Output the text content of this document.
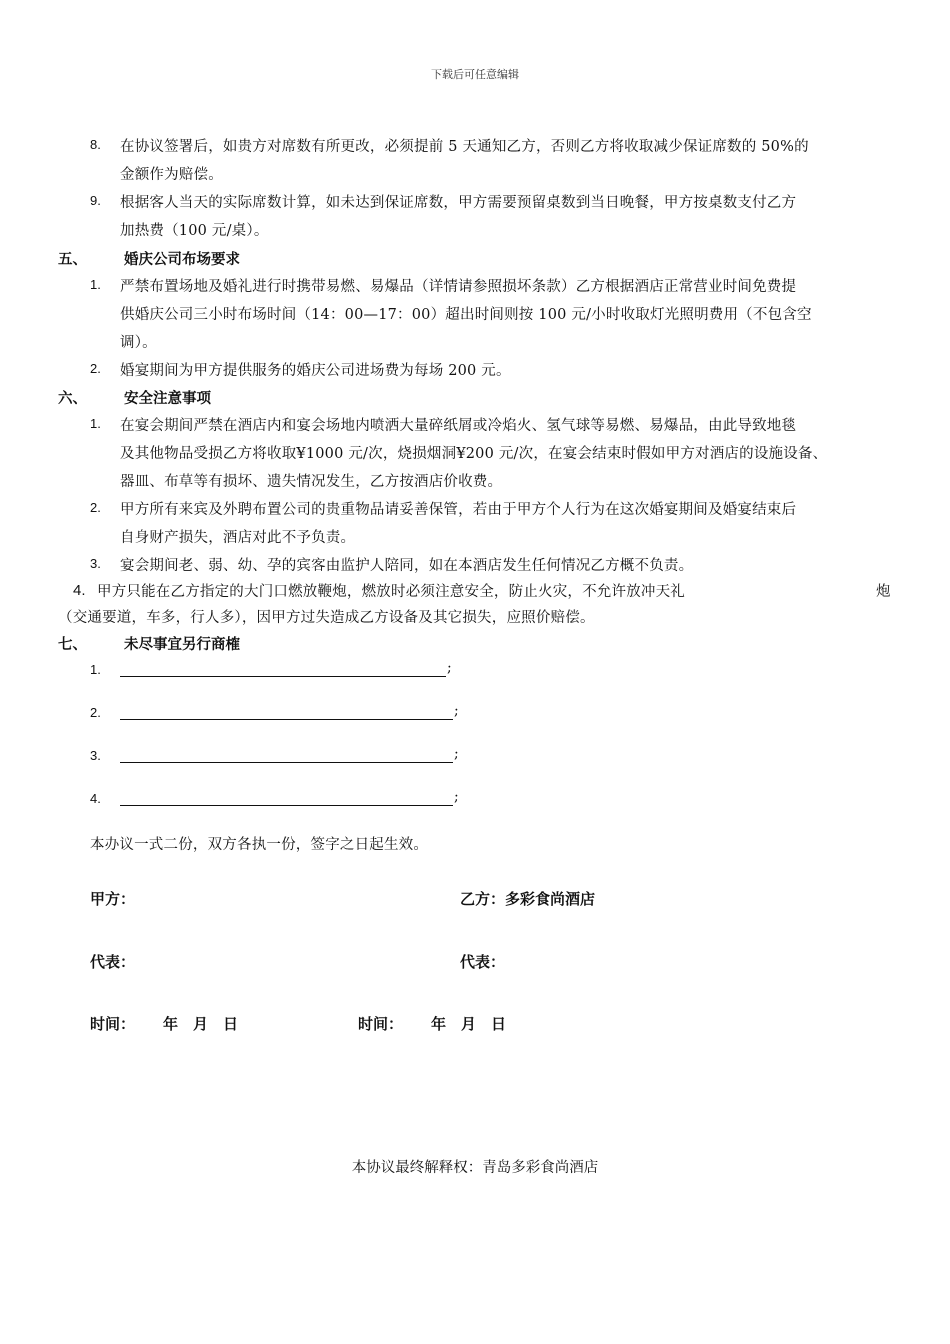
下载后可任意编辑
8. 在协议签署后，如贵方对席数有所更改，必须提前 5 天通知乙方，否则乙方将收取减少保证席数的 50%的
金额作为赔偿。
9. 根据客人当天的实际席数计算，如未达到保证席数，甲方需要预留桌数到当日晚餐，甲方按桌数支付乙方
加热费（100 元/桌）。
五、	婚庆公司布场要求
1. 严禁布置场地及婚礼进行时携带易燃、易爆品（详情请参照损坏条款）乙方根据酒店正常营业时间免费提
供婚庆公司三小时布场时间（14：00—17：00）超出时间则按 100 元/小时收取灯光照明费用（不包含空
调）。
2. 婚宴期间为甲方提供服务的婚庆公司进场费为每场 200 元。
六、	安全注意事项
1. 在宴会期间严禁在酒店内和宴会场地内喷洒大量碎纸屑或冷焰火、氢气球等易燃、易爆品，由此导致地毯
及其他物品受损乙方将收取¥1000 元/次，烧损烟洞¥200 元/次，在宴会结束时假如甲方对酒店的设施设备、
器皿、布草等有损坏、遗失情况发生，乙方按酒店价收费。
2. 甲方所有来宾及外聘布置公司的贵重物品请妥善保管，若由于甲方个人行为在这次婚宴期间及婚宴结束后
自身财产损失，酒店对此不予负责。
3. 宴会期间老、弱、幼、孕的宾客由监护人陪同，如在本酒店发生任何情况乙方概不负责。
4. 甲方只能在乙方指定的大门口燃放鞭炮，燃放时必须注意安全，防止火灾，不允许放冲天礼	炮
（交通要道，车多，行人多），因甲方过失造成乙方设备及其它损失，应照价赔偿。
七、	未尽事宜另行商榷
1.	;
2.	;
3.	;
4.	;
本办议一式二份，双方各执一份，签字之日起生效。
甲方：	乙方：多彩食尚酒店
代表：	代表：
时间： 年　月　日	时间： 年　月　日
本协议最终解释权：青岛多彩食尚酒店
